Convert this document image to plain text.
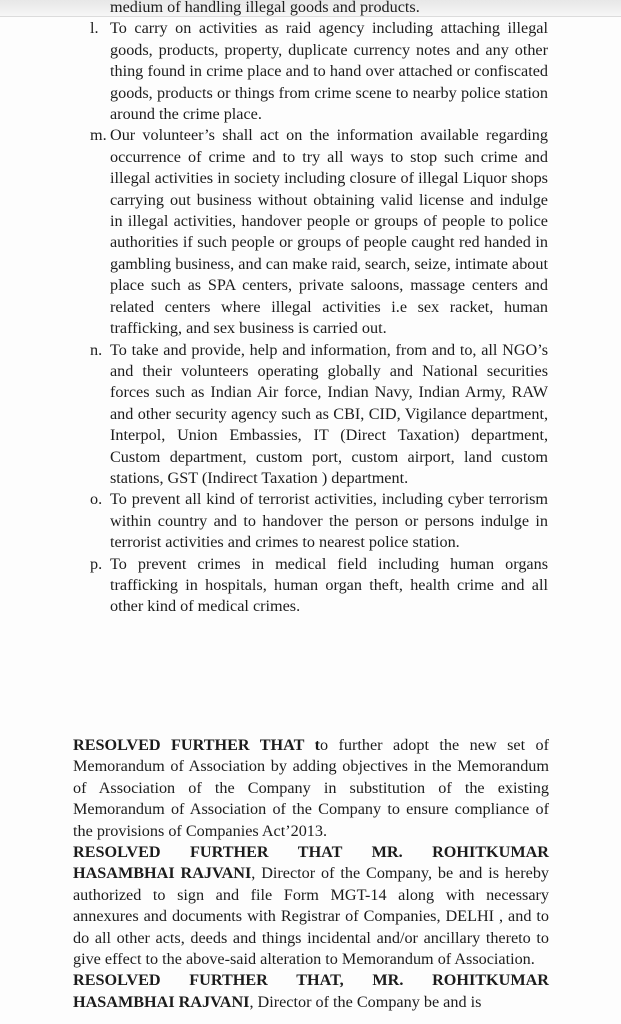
medium of handling illegal goods and products.
l. To carry on activities as raid agency including attaching illegal goods, products, property, duplicate currency notes and any other thing found in crime place and to hand over attached or confiscated goods, products or things from crime scene to nearby police station around the crime place.
m. Our volunteer’s shall act on the information available regarding occurrence of crime and to try all ways to stop such crime and illegal activities in society including closure of illegal Liquor shops carrying out business without obtaining valid license and indulge in illegal activities, handover people or groups of people to police authorities if such people or groups of people caught red handed in gambling business, and can make raid, search, seize, intimate about place such as SPA centers, private saloons, massage centers and related centers where illegal activities i.e sex racket, human trafficking, and sex business is carried out.
n. To take and provide, help and information, from and to, all NGO’s and their volunteers operating globally and National securities forces such as Indian Air force, Indian Navy, Indian Army, RAW and other security agency such as CBI, CID, Vigilance department, Interpol, Union Embassies, IT (Direct Taxation) department, Custom department, custom port, custom airport, land custom stations, GST (Indirect Taxation ) department.
o. To prevent all kind of terrorist activities, including cyber terrorism within country and to handover the person or persons indulge in terrorist activities and crimes to nearest police station.
p. To prevent crimes in medical field including human organs trafficking in hospitals, human organ theft, health crime and all other kind of medical crimes.

RESOLVED FURTHER THAT to further adopt the new set of Memorandum of Association by adding objectives in the Memorandum of Association of the Company in substitution of the existing Memorandum of Association of the Company to ensure compliance of the provisions of Companies Act’2013.

RESOLVED FURTHER THAT MR. ROHITKUMAR HASAMBHAI RAJVANI, Director of the Company, be and is hereby authorized to sign and file Form MGT-14 along with necessary annexures and documents with Registrar of Companies, DELHI , and to do all other acts, deeds and things incidental and/or ancillary thereto to give effect to the above-said alteration to Memorandum of Association.

RESOLVED FURTHER THAT, MR. ROHITKUMAR HASAMBHAI RAJVANI, Director of the Company be and is
